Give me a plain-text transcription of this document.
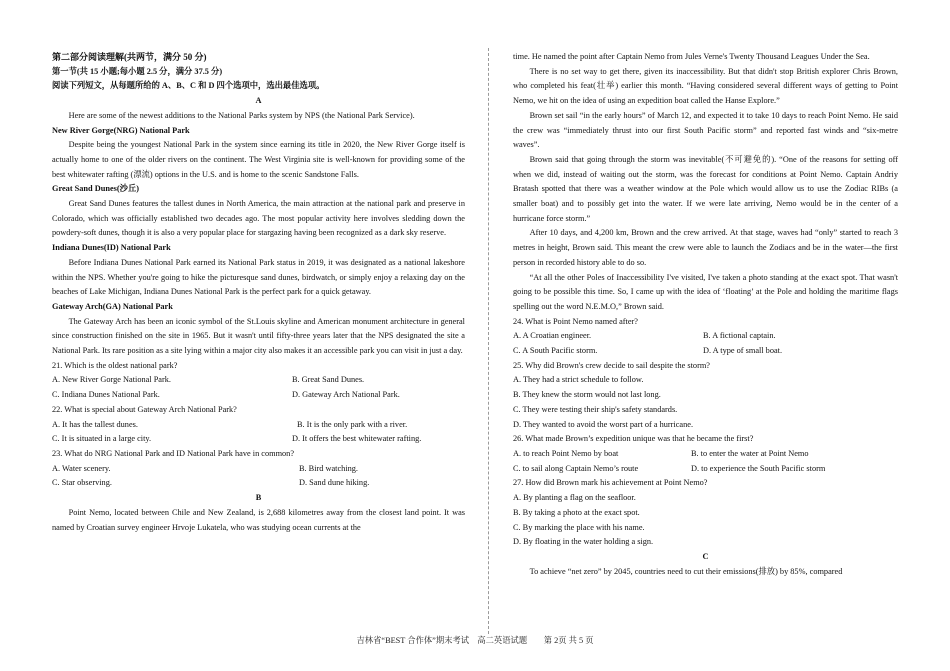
第二部分阅读理解(共两节，满分 50 分)

第一节(共 15 小题;每小题 2.5 分，满分 37.5 分)

阅读下列短文，从每题所给的 A、B、C 和 D 四个选项中，选出最佳选项。

A

Here are some of the newest additions to the National Parks system by NPS (the National Park Service).

New River Gorge(NRG) National Park

Despite being the youngest National Park in the system since earning its title in 2020, the New River Gorge itself is actually home to one of the older rivers on the continent. The West Virginia site is well-known for providing some of the best whitewater rafting (漂流) options in the U.S. and is home to the scenic Sandstone Falls.

Great Sand Dunes(沙丘)

Great Sand Dunes features the tallest dunes in North America, the main attraction at the national park and preserve in Colorado, which was officially established two decades ago. The most popular activity here involves sledding down the powdery-soft dunes, though it is also a very popular place for stargazing having been recognized as a dark sky reserve.

Indiana Dunes(ID) National Park

Before Indiana Dunes National Park earned its National Park status in 2019, it was designated as a national lakeshore within the NPS. Whether you're going to hike the picturesque sand dunes, birdwatch, or simply enjoy a relaxing day on the beaches of Lake Michigan, Indiana Dunes National Park is the perfect park for a quick getaway.

Gateway Arch(GA) National Park

The Gateway Arch has been an iconic symbol of the St.Louis skyline and American monument architecture in general since construction finished on the site in 1965. But it wasn't until fifty-three years later that the NPS designated the site a National Park. Its rare position as a site lying within a major city also makes it an accessible park you can visit in just a day.

21. Which is the oldest national park?

A. New River Gorge National Park.	B. Great Sand Dunes.
C. Indiana Dunes National Park.	D. Gateway Arch National Park.

22. What is special about Gateway Arch National Park?

A. It has the tallest dunes.	B. It is the only park with a river.
C. It is situated in a large city.	D. It offers the best whitewater rafting.

23. What do NRG National Park and ID National Park have in common?

A. Water scenery.	B. Bird watching.
C. Star observing.	D. Sand dune hiking.

B

Point Nemo, located between Chile and New Zealand, is 2,688 kilometres away from the closest land point. It was named by Croatian survey engineer Hrvoje Lukatela, who was studying ocean currents at the

time. He named the point after Captain Nemo from Jules Verne's Twenty Thousand Leagues Under the Sea.

There is no set way to get there, given its inaccessibility. But that didn't stop British explorer Chris Brown, who completed his feat(壮举) earlier this month. “Having considered several different ways of getting to Point Nemo, we hit on the idea of using an expedition boat called the Hanse Explore.”

Brown set sail “in the early hours” of March 12, and expected it to take 10 days to reach Point Nemo. He said the crew was “immediately thrust into our first South Pacific storm” and reported fast winds and “six-metre waves”.

Brown said that going through the storm was inevitable(不可避免的). “One of the reasons for setting off when we did, instead of waiting out the storm, was the forecast for conditions at Point Nemo. Captain Andriy Bratash spotted that there was a weather window at the Pole which would allow us to use the Zodiac RIBs (a smaller boat) and to possibly get into the water. If we were late arriving, Nemo would be in the center of a hurricane force storm.”

After 10 days, and 4,200 km, Brown and the crew arrived. At that stage, waves had “only” started to reach 3 metres in height, Brown said. This meant the crew were able to launch the Zodiacs and be in the water—the first person in recorded history able to do so.

“At all the other Poles of Inaccessibility I've visited, I've taken a photo standing at the exact spot. That wasn't going to be possible this time. So, I came up with the idea of ‘floating’ at the Pole and holding the maritime flags spelling out the word N.E.M.O,” Brown said.

24. What is Point Nemo named after?

A. A Croatian engineer.	B. A fictional captain.
C. A South Pacific storm.	D. A type of small boat.

25. Why did Brown's crew decide to sail despite the storm?

A. They had a strict schedule to follow.

B. They knew the storm would not last long.

C. They were testing their ship's safety standards.

D. They wanted to avoid the worst part of a hurricane.

26. What made Brown’s expedition unique was that he became the first?

A. to reach Point Nemo by boat	B. to enter the water at Point Nemo
C. to sail along Captain Nemo’s route	D. to experience the South Pacific storm

27. How did Brown mark his achievement at Point Nemo?

A. By planting a flag on the seafloor.

B. By taking a photo at the exact spot.

C. By marking the place with his name.

D. By floating in the water holding a sign.

C

To achieve “net zero” by 2045, countries need to cut their emissions(排放) by 85%, compared

吉林省“BEST 合作体”期末考试　高二英语试题　　第 2页 共 5 页
